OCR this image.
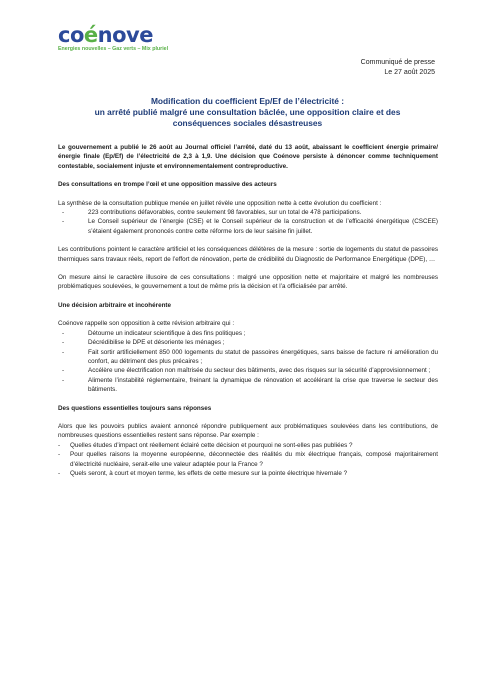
coénove
Energies nouvelles – Gaz verts – Mix pluriel
Communiqué de presse
Le 27 août 2025
Modification du coefficient Ep/Ef de l’électricité :
un arrêté publié malgré une consultation bâclée, une opposition claire et des
conséquences sociales désastreuses

Le gouvernement a publié le 26 août au Journal officiel l’arrêté, daté du 13 août, abaissant le coefficient énergie primaire/énergie finale (Ep/Ef) de l’électricité de 2,3 à 1,9. Une décision que Coénove persiste à dénoncer comme techniquement contestable, socialement injuste et environnementalement contreproductive.

Des consultations en trompe l’œil et une opposition massive des acteurs

La synthèse de la consultation publique menée en juillet révèle une opposition nette à cette évolution du coefficient :

- 223 contributions défavorables, contre seulement 98 favorables, sur un total de 478 participations.
- Le Conseil supérieur de l’énergie (CSE) et le Conseil supérieur de la construction et de l’efficacité énergétique (CSCEE) s’étaient également prononcés contre cette réforme lors de leur saisine fin juillet.

Les contributions pointent le caractère artificiel et les conséquences délétères de la mesure : sortie de logements du statut de passoires thermiques sans travaux réels, report de l’effort de rénovation, perte de crédibilité du Diagnostic de Performance Energétique (DPE), …

On mesure ainsi le caractère illusoire de ces consultations : malgré une opposition nette et majoritaire et malgré les nombreuses problématiques soulevées, le gouvernement a tout de même pris la décision et l’a officialisée par arrêté.

Une décision arbitraire et incohérente

Coénove rappelle son opposition à cette révision arbitraire qui :

- Détourne un indicateur scientifique à des fins politiques ;
- Décrédibilise le DPE et désoriente les ménages ;
- Fait sortir artificiellement 850 000 logements du statut de passoires énergétiques, sans baisse de facture ni amélioration du confort, au détriment des plus précaires ;
- Accélère une électrification non maîtrisée du secteur des bâtiments, avec des risques sur la sécurité d’approvisionnement ;
- Alimente l’instabilité réglementaire, freinant la dynamique de rénovation et accélérant la crise que traverse le secteur des bâtiments.

Des questions essentielles toujours sans réponses

Alors que les pouvoirs publics avaient annoncé répondre publiquement aux problématiques soulevées dans les contributions, de nombreuses questions essentielles restent sans réponse. Par exemple :

- Quelles études d’impact ont réellement éclairé cette décision et pourquoi ne sont-elles pas publiées ?
- Pour quelles raisons la moyenne européenne, déconnectée des réalités du mix électrique français, composé majoritairement d’électricité nucléaire, serait-elle une valeur adaptée pour la France ?
- Quels seront, à court et moyen terme, les effets de cette mesure sur la pointe électrique hivernale ?
